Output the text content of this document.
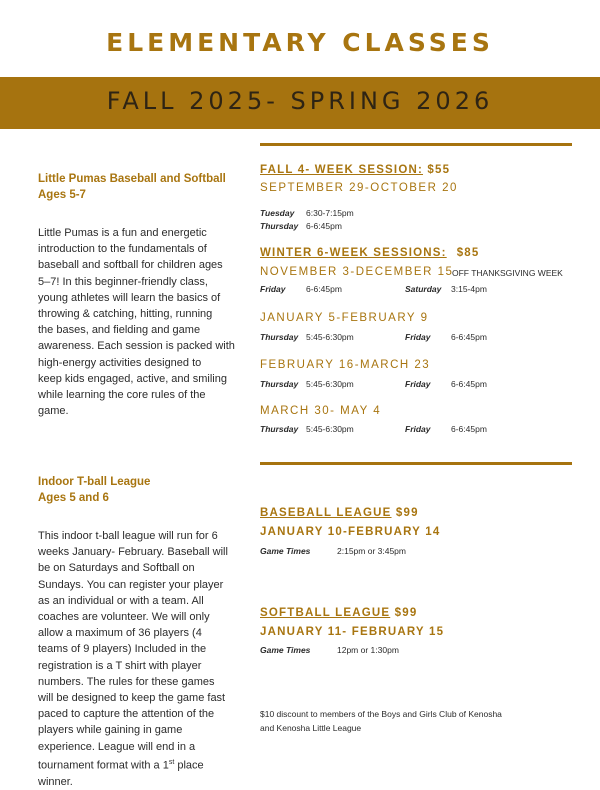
ELEMENTARY CLASSES
FALL 2025- SPRING 2026
Little Pumas Baseball and Softball
Ages 5-7
Little Pumas is a fun and energetic
introduction to the fundamentals of
baseball and softball for children ages
5–7! In this beginner-friendly class,
young athletes will learn the basics of
throwing & catching, hitting, running
the bases, and fielding and game
awareness. Each session is packed with
high-energy activities designed to
keep kids engaged, active, and smiling
while learning the core rules of the
game.
Indoor T-ball League
Ages 5 and 6
This indoor t-ball league will run for 6
weeks January- February. Baseball will
be on Saturdays and Softball on
Sundays. You can register your player
as an individual or with a team. All
coaches are volunteer. We will only
allow a maximum of 36 players (4
teams of 9 players) Included in the
registration is a T shirt with player
numbers. The rules for these games
will be designed to keep the game fast
paced to capture the attention of the
players while gaining in game
experience. League will end in a
tournament format with a 1st place
winner.
FALL 4- WEEK SESSION: $55
SEPTEMBER 29-OCTOBER 20
Tuesday 6:30-7:15pm
Thursday 6-6:45pm
WINTER 6-WEEK SESSIONS: $85
NOVEMBER 3-DECEMBER 15
OFF THANKSGIVING WEEK
Friday 6-6:45pm	Saturday 3:15-4pm
JANUARY 5-FEBRUARY 9
Thursday 5:45-6:30pm	Friday 6-6:45pm
FEBRUARY 16-MARCH 23
Thursday 5:45-6:30pm	Friday 6-6:45pm
MARCH 30- MAY 4
Thursday 5:45-6:30pm	Friday 6-6:45pm
BASEBALL LEAGUE $99
JANUARY 10-FEBRUARY 14
Game Times	2:15pm or 3:45pm
SOFTBALL LEAGUE $99
JANUARY 11- FEBRUARY 15
Game Times	12pm or 1:30pm
$10 discount to members of the Boys and Girls Club of Kenosha
and Kenosha Little League
